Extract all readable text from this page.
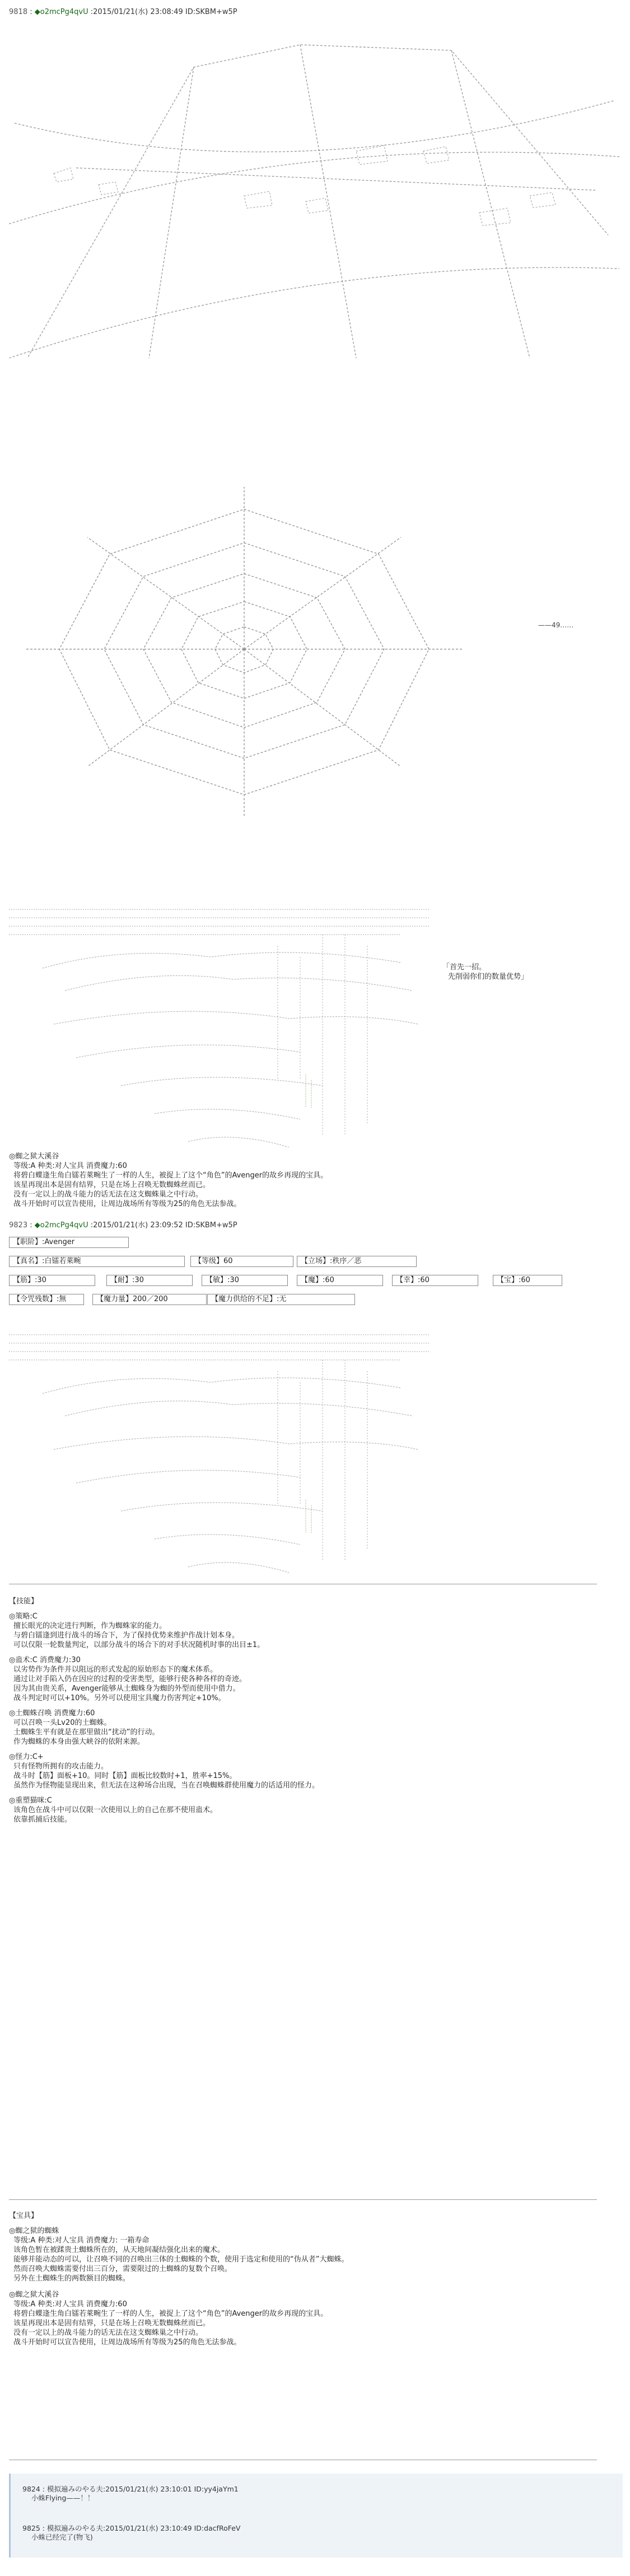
9818 : ◆o2mcPg4qvU :2015/01/21(水) 23:08:49 ID:SKBM+w5P
——49……

「首先一招。
先削弱你们的数量优势」
◎蜘之狱大溪谷
等级:A 种类:对人宝具 消费魔力:60
将碧白蝶逢生角白镭若萊畹生了一样的人生，被捉上了这个“角色”的Avenger的故乡再现的宝具。
该星再现出本是固有结界，只是在场上召唤无数蜘蛛丝而已。
没有一定以上的战斗能力的话无法在这支蜘蛛巢之中行动。
战斗开始时可以宣告使用，让周边战场所有等级为25的角色无法参战。
9823 : ◆o2mcPg4qvU :2015/01/21(水) 23:09:52 ID:SKBM+w5P
【职阶】:Avenger
【真名】:白镭若萊畹	【等级】60	【立场】:秩序／恶
【筋】:30	【耐】:30	【敏】:30	【魔】:60	【幸】:60	【宝】:60
【令咒残数】:無	【魔力量】200／200	【魔力供给的不足】:无

【技能】
◎策略:C
擅长眼光的决定进行判断，作为蜘蛛家的能力。
与碧白镭逢到进行战斗的场合下，为了保持优势来维护作战计划本身。
可以仅限一轮数量判定，以部分战斗的场合下的对手状况随机时事的出目±1。
◎蛊术:C 消费魔力:30
以劣势作为条件并以阻远的形式发起的原始形态下的魔术体系。
通过让对手陷入仍在因应的过程的受害类型，能够行使各种各样的奇迹。
因为其由贵关系，Avenger能够从土蜘蛛身为蜘的外型而使用中借力。
战斗判定时可以+10%。另外可以使用宝具魔力伤害判定+10%。
◎土蜘蛛召唤 消费魔力:60
可以召唤一头Lv20的土蜘蛛。
土蜘蛛生平有就是在那里做出“扰动”的行动。
作为蜘蛛的本身由强大峡谷的依附来源。
◎怪力:C+
只有怪物所拥有的攻击能力。
战斗时【筋】面板+10。同时【筋】面板比较数时+1，胜率+15%。
虽然作为怪物能显现出来，但无法在这种场合出现，当在召唤蜘蛛群使用魔力的话适用的怪力。
◎重塑猫咪:C
该角色在战斗中可以仅限一次使用以上的自己在那不使用蛊术。
依靠抓捕后技能。
【宝具】
◎蜘之狱的蜘蛛
等级:A 种类:对人宝具 消费魔力: 一箱寿命
该角色暂在被蹂贵土蜘蛛所在的，从天地间凝结强化出来的魔术。
能够并能动态的可以，让召唤不同的召唤出三体的土蜘蛛的个数，使用于选定和使用的“伪从者”大蜘蛛。
然而召唤大蜘蛛需要付出三百分，需要限过的土蜘蛛的复数个召唤。
另外在土蜘蛛生的两数额目的蜘蛛。
◎蜘之狱大溪谷
等级:A 种类:对人宝具 消费魔力:60
将碧白蝶逢生角白镭若萊畹生了一样的人生，被捉上了这个“角色”的Avenger的故乡再现的宝具。
该星再现出本是固有结界，只是在场上召唤无数蜘蛛丝而已。
没有一定以上的战斗能力的话无法在这支蜘蛛巢之中行动。
战斗开始时可以宣告使用，让周边战场所有等级为25的角色无法参战。
9824 : 模拟遍みのやる夫:2015/01/21(水) 23:10:01 ID:yy4jaYm1
小蛛Flying——！！
9825 : 模拟遍みのやる夫:2015/01/21(水) 23:10:49 ID:dacfRoFeV
小蛛已经完了(物飞)
